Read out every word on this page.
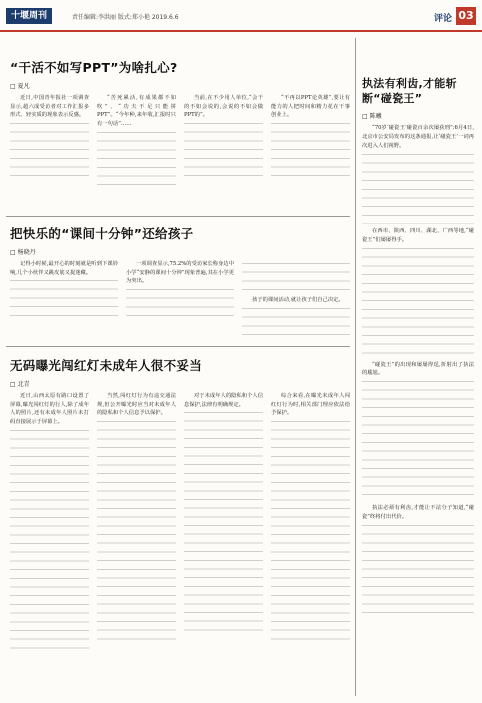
十堰周刊	责任编辑:李洪丽 版式:郑小艳 2019.6.6	评论 03
“干活不如写PPT”为啥扎心?
□ 夏凡

近日,中国青年报社一项调查显示,超六成受访者对工作汇报多形式、轻实质的现象表示反感。

“苦死累活,有成果都不如吹”、“功夫不足只能拼PPT”。“今年种,来年收,汇报时只有一句话”……

当前,在不少用人单位,“会干的不如会说的,会说的不如会做PPT的”。

“不再以PPT论英雄”,要让有能力的人把时间和精力花在干事创业上。

把快乐的“课间十分钟”还给孩子
□ 杨晓丹

记得小时候,最开心的时刻就是听到下课铃响,几个小伙伴又跳皮筋又捉迷藏。

一项调查显示,75.2%的受访家长称身边中小学“安静的课间十分钟”现象普遍,其在小学更为突出。

孩子的课间活动,就让孩子们自己决定。

无码曝光闯红灯未成年人很不妥当
□ 北青

近日,山西太原有路口设置了屏幕,曝光闯红灯的行人,除了成年人的照片,还有未成年人照片未打码直接展示于屏幕上。

当然,闯红灯行为有违交通法规,但公开曝光时应当对未成年人的隐私和个人信息予以保护。

对于未成年人的隐私和个人信息保护,法律有明确规定。

综合来看,在曝光未成年人闯红灯行为时,相关部门理应依法给予保护。

执法有利齿,才能斩断“碰瓷王”
□ 陈曦

“70岁‘碰瓷王’碰瓷百余次屡获刑”:6月4日,北京市公安局发布的这条通报,让‘碰瓷王’一词再次进入人们视野。

在西市、陕西、四川、湖北、广西等地,“碰瓷王”们屡屡得手。

“碰瓷王”的出现和屡屡得逞,折射出了执法的尴尬。

执法必须有利齿,才能让不法分子知道,“碰瓷”终将付出代价。
